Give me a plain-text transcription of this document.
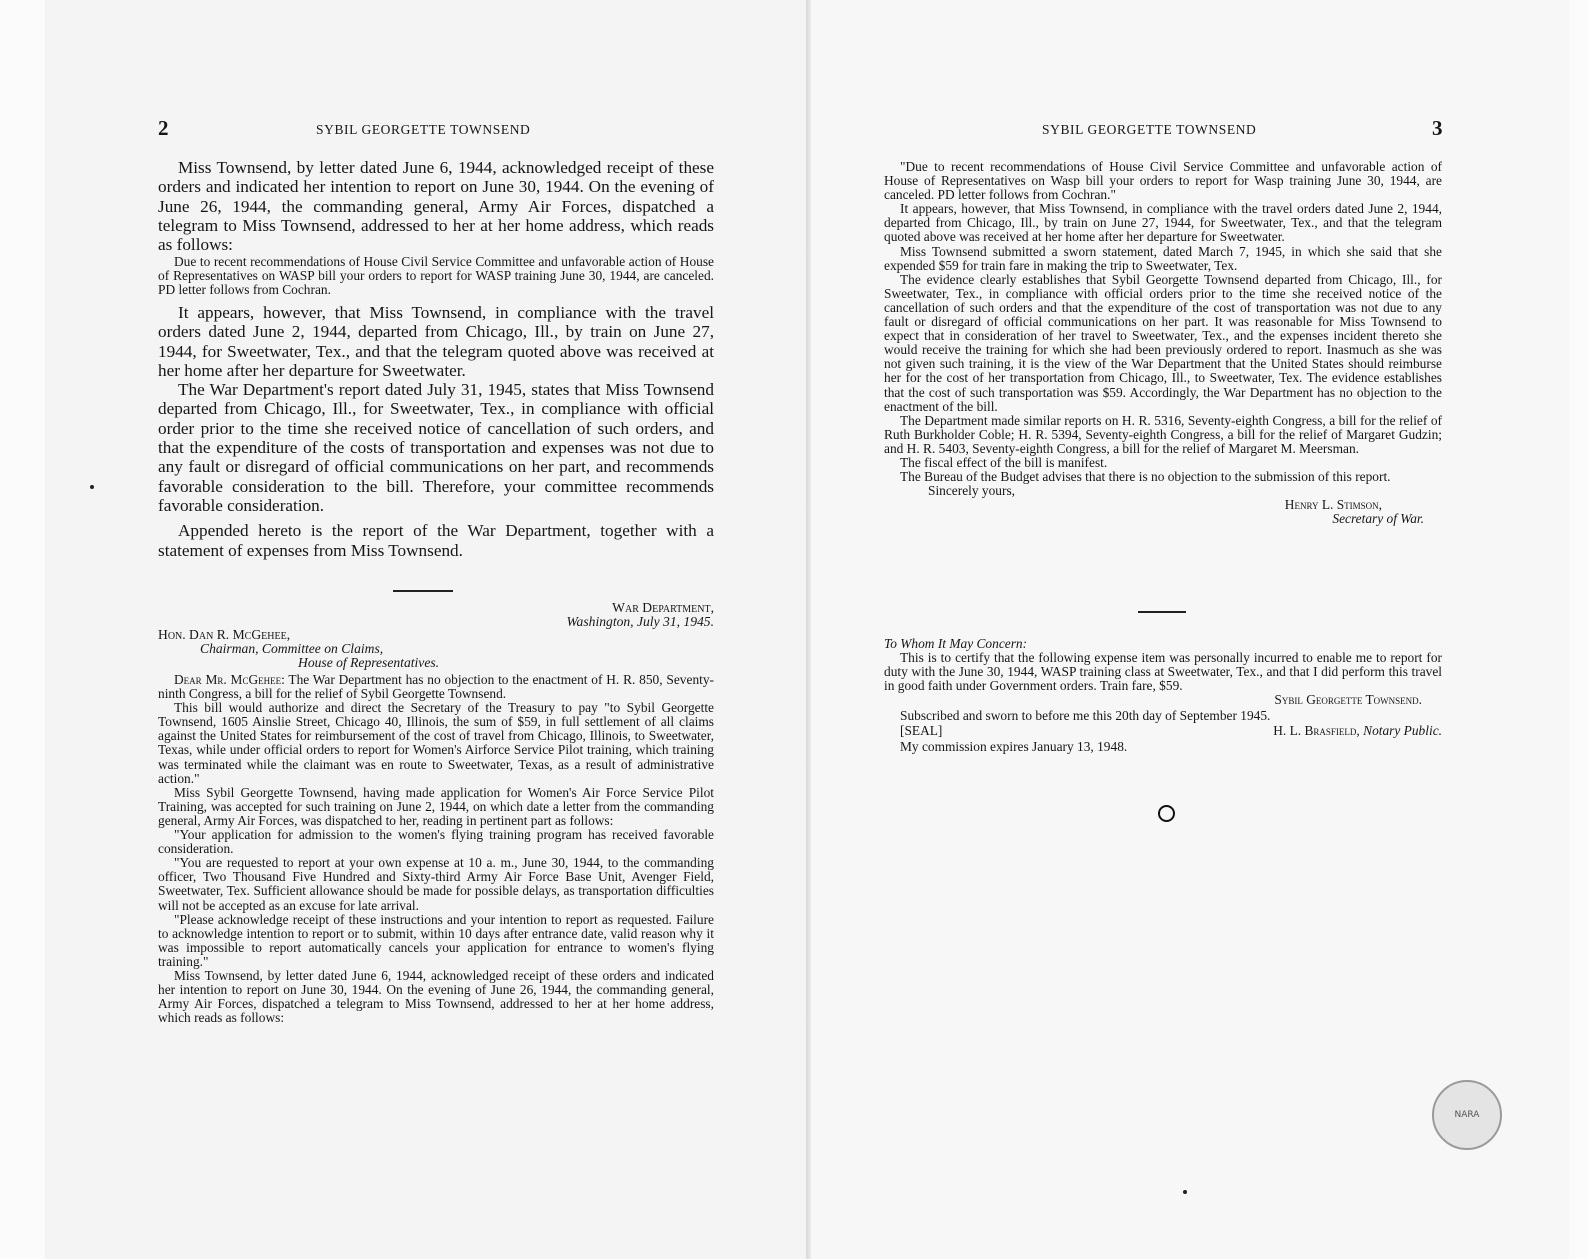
2	SYBIL GEORGETTE TOWNSEND

Miss Townsend, by letter dated June 6, 1944, acknowledged receipt of these orders and indicated her intention to report on June 30, 1944. On the evening of June 26, 1944, the commanding general, Army Air Forces, dispatched a telegram to Miss Townsend, addressed to her at her home address, which reads as follows:

Due to recent recommendations of House Civil Service Committee and unfavorable action of House of Representatives on WASP bill your orders to report for WASP training June 30, 1944, are canceled. PD letter follows from Cochran.

It appears, however, that Miss Townsend, in compliance with the travel orders dated June 2, 1944, departed from Chicago, Ill., by train on June 27, 1944, for Sweetwater, Tex., and that the telegram quoted above was received at her home after her departure for Sweetwater.

The War Department's report dated July 31, 1945, states that Miss Townsend departed from Chicago, Ill., for Sweetwater, Tex., in compliance with official order prior to the time she received notice of cancellation of such orders, and that the expenditure of the costs of transportation and expenses was not due to any fault or disregard of official communications on her part, and recommends favorable consideration to the bill. Therefore, your committee recommends favorable consideration.

Appended hereto is the report of the War Department, together with a statement of expenses from Miss Townsend.

War Department,
Washington, July 31, 1945.
Hon. Dan R. McGehee,
Chairman, Committee on Claims,
House of Representatives.

Dear Mr. McGehee: The War Department has no objection to the enactment of H. R. 850, Seventy-ninth Congress, a bill for the relief of Sybil Georgette Townsend.

This bill would authorize and direct the Secretary of the Treasury to pay "to Sybil Georgette Townsend, 1605 Ainslie Street, Chicago 40, Illinois, the sum of $59, in full settlement of all claims against the United States for reimbursement of the cost of travel from Chicago, Illinois, to Sweetwater, Texas, while under official orders to report for Women's Airforce Service Pilot training, which training was terminated while the claimant was en route to Sweetwater, Texas, as a result of administrative action."

Miss Sybil Georgette Townsend, having made application for Women's Air Force Service Pilot Training, was accepted for such training on June 2, 1944, on which date a letter from the commanding general, Army Air Forces, was dispatched to her, reading in pertinent part as follows:

"Your application for admission to the women's flying training program has received favorable consideration.

"You are requested to report at your own expense at 10 a. m., June 30, 1944, to the commanding officer, Two Thousand Five Hundred and Sixty-third Army Air Force Base Unit, Avenger Field, Sweetwater, Tex. Sufficient allowance should be made for possible delays, as transportation difficulties will not be accepted as an excuse for late arrival.

"Please acknowledge receipt of these instructions and your intention to report as requested. Failure to acknowledge intention to report or to submit, within 10 days after entrance date, valid reason why it was impossible to report automatically cancels your application for entrance to women's flying training."

Miss Townsend, by letter dated June 6, 1944, acknowledged receipt of these orders and indicated her intention to report on June 30, 1944. On the evening of June 26, 1944, the commanding general, Army Air Forces, dispatched a telegram to Miss Townsend, addressed to her at her home address, which reads as follows:

SYBIL GEORGETTE TOWNSEND	3

"Due to recent recommendations of House Civil Service Committee and unfavorable action of House of Representatives on Wasp bill your orders to report for Wasp training June 30, 1944, are canceled. PD letter follows from Cochran."

It appears, however, that Miss Townsend, in compliance with the travel orders dated June 2, 1944, departed from Chicago, Ill., by train on June 27, 1944, for Sweetwater, Tex., and that the telegram quoted above was received at her home after her departure for Sweetwater.

Miss Townsend submitted a sworn statement, dated March 7, 1945, in which she said that she expended $59 for train fare in making the trip to Sweetwater, Tex.

The evidence clearly establishes that Sybil Georgette Townsend departed from Chicago, Ill., for Sweetwater, Tex., in compliance with official orders prior to the time she received notice of the cancellation of such orders and that the expenditure of the cost of transportation was not due to any fault or disregard of official communications on her part. It was reasonable for Miss Townsend to expect that in consideration of her travel to Sweetwater, Tex., and the expenses incident thereto she would receive the training for which she had been previously ordered to report. Inasmuch as she was not given such training, it is the view of the War Department that the United States should reimburse her for the cost of her transportation from Chicago, Ill., to Sweetwater, Tex. The evidence establishes that the cost of such transportation was $59. Accordingly, the War Department has no objection to the enactment of the bill.

The Department made similar reports on H. R. 5316, Seventy-eighth Congress, a bill for the relief of Ruth Burkholder Coble; H. R. 5394, Seventy-eighth Congress, a bill for the relief of Margaret Gudzin; and H. R. 5403, Seventy-eighth Congress, a bill for the relief of Margaret M. Meersman.

The fiscal effect of the bill is manifest.

The Bureau of the Budget advises that there is no objection to the submission of this report.

Sincerely yours,

Henry L. Stimson,
Secretary of War.
To Whom It May Concern:

This is to certify that the following expense item was personally incurred to enable me to report for duty with the June 30, 1944, WASP training class at Sweetwater, Tex., and that I did perform this travel in good faith under Government orders. Train fare, $59.

Sybil Georgette Townsend.

Subscribed and sworn to before me this 20th day of September 1945.

[SEAL]	H. L. Brasfield, Notary Public.

My commission expires January 13, 1948.

NARA
